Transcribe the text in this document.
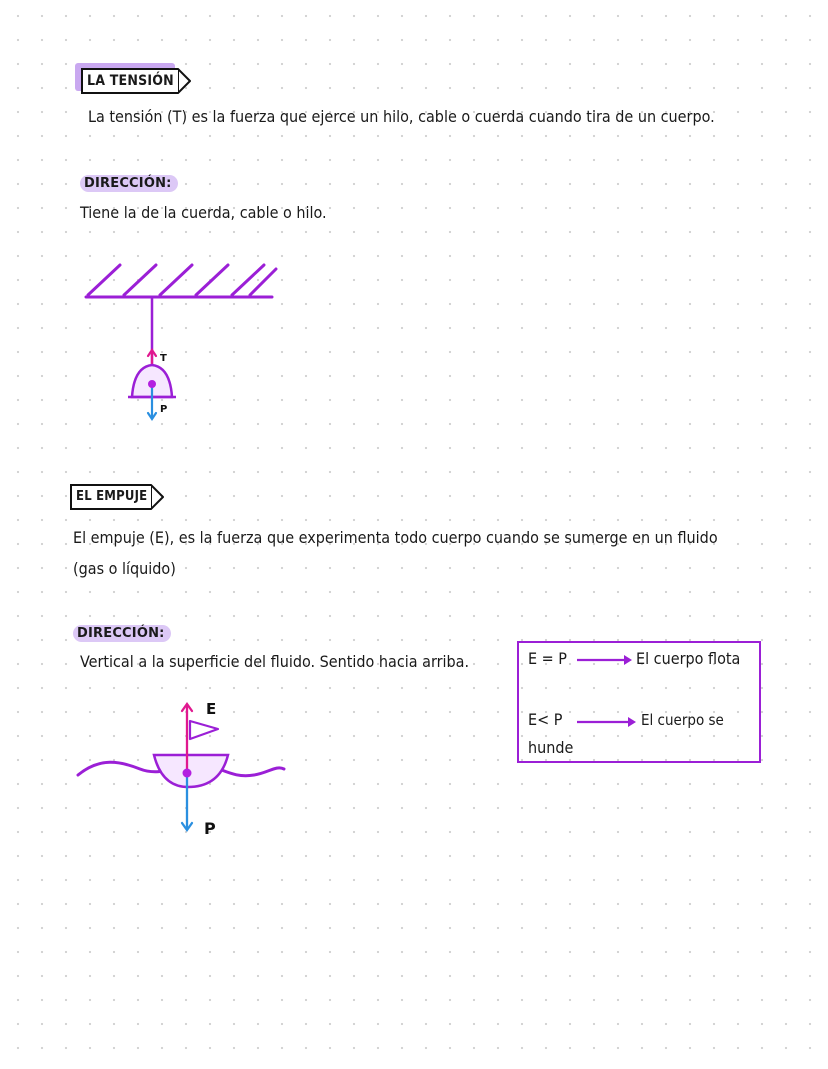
LA TENSIÓN
La tensión (T) es la fuerza que ejerce un hilo, cable o cuerda cuando tira de un cuerpo.
DIRECCIÓN:
Tiene la de la cuerda, cable o hilo.
T
P
EL EMPUJE
El empuje (E), es la fuerza que experimenta todo cuerpo cuando se sumerge en un fluido
(gas o líquido)
DIRECCIÓN:
Vertical a la superficie del fluido. Sentido hacia arriba.
E
P
E = P	El cuerpo flota
E< P	El cuerpo se
hunde
